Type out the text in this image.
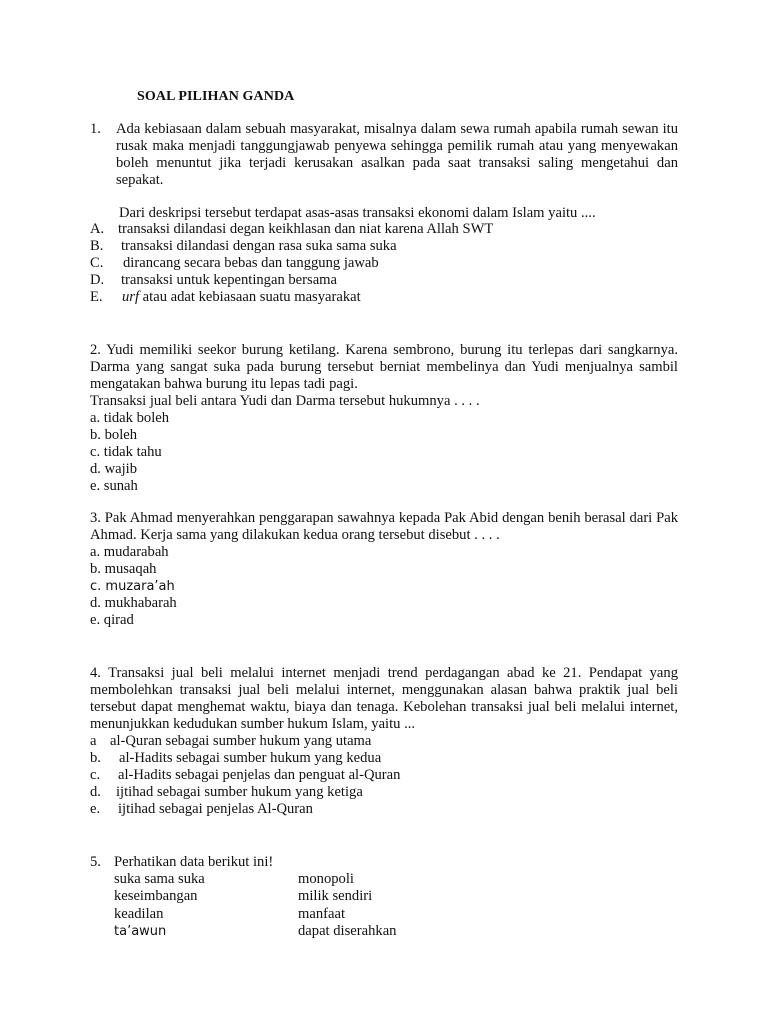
SOAL PILIHAN GANDA
1.	Ada kebiasaan dalam sebuah masyarakat, misalnya dalam sewa rumah apabila rumah sewan itu rusak maka menjadi tanggungjawab penyewa sehingga pemilik rumah atau yang menyewakan boleh menuntut jika terjadi kerusakan asalkan pada saat transaksi saling mengetahui dan sepakat.

Dari deskripsi tersebut terdapat asas-asas transaksi ekonomi dalam Islam yaitu ....

A. transaksi dilandasi degan keikhlasan dan niat karena Allah SWT
B.	transaksi dilandasi dengan rasa suka sama suka
C.	dirancang secara bebas dan tanggung jawab
D.	transaksi untuk kepentingan bersama
E.	urf atau adat kebiasaan suatu masyarakat

2. Yudi memiliki seekor burung ketilang. Karena sembrono, burung itu terlepas dari sangkarnya. Darma yang sangat suka pada burung tersebut berniat membelinya dan Yudi menjualnya sambil mengatakan bahwa burung itu lepas tadi pagi.

Transaksi jual beli antara Yudi dan Darma tersebut hukumnya . . . .

a. tidak boleh

b. boleh

c. tidak tahu

d. wajib

e. sunah

3. Pak Ahmad menyerahkan penggarapan sawahnya kepada Pak Abid dengan benih berasal dari Pak Ahmad. Kerja sama yang dilakukan kedua orang tersebut disebut . . . .

a. mudarabah

b. musaqah

c. muzara’ah

d. mukhabarah

e. qirad

4. Transaksi jual beli melalui internet menjadi trend perdagangan abad ke 21. Pendapat yang membolehkan transaksi jual beli melalui internet, menggunakan alasan bahwa praktik jual beli tersebut dapat menghemat waktu, biaya dan tenaga. Kebolehan transaksi jual beli melalui internet, menunjukkan kedudukan sumber hukum Islam, yaitu ...

a al-Quran sebagai sumber hukum yang utama
b.	al-Hadits sebagai sumber hukum yang kedua
c.	al-Hadits sebagai penjelas dan penguat al-Quran
d.	ijtihad sebagai sumber hukum yang ketiga
e.	ijtihad sebagai penjelas Al-Quran
5. Perhatikan data berikut ini!
suka sama suka	monopoli
keseimbangan	milik sendiri
keadilan	manfaat
ta’awun	dapat diserahkan
